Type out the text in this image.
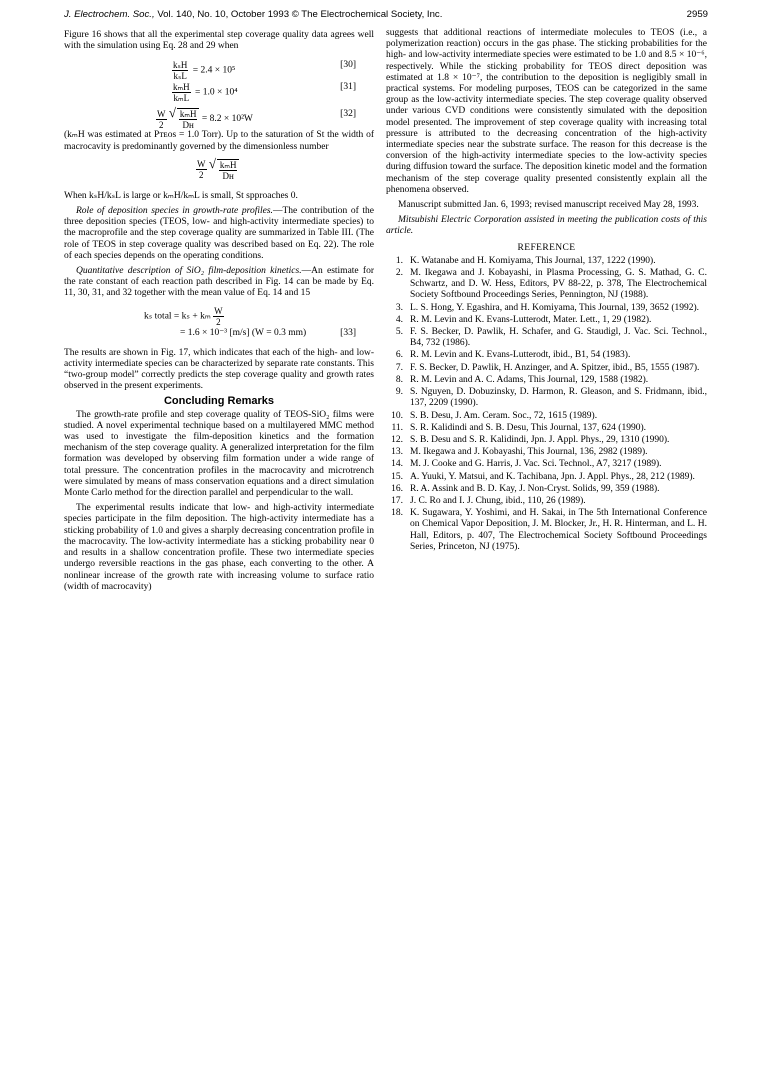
J. Electrochem. Soc., Vol. 140, No. 10, October 1993 © The Electrochemical Society, Inc.	2959

Figure 16 shows that all the experimental step coverage quality data agrees well with the simulation using Eq. 28 and 29 when

$\frac{\text{kₛH}}{\text{kₛL}} = 2.4 \times 10^5$
[30]
$\frac{\text{kₘH}}{\text{kₘL}} = 1.0 \times 10^4$
[31]
$\frac{W}{2}$
√ $\frac{\text{kₘH}}{\text{Dʜ}} = 8.2 \times 10^2W$
[32]

(kₘH was estimated at Pᴛᴇᴏs = 1.0 Torr). Up to the saturation of St the width of macrocavity is predominantly governed by the dimensionless number

$\frac{W}{2}$
√ $\frac{\text{kₘH}}{\text{Dʜ}}$

When kₛH/kₛL is large or kₘH/kₘL is small, St spproaches 0.

Role of deposition species in growth-rate profiles.—The contribution of the three deposition species (TEOS, low- and high-activity intermediate species) to the macroprofile and the step coverage quality are summarized in Table III. (The role of TEOS in step coverage quality was described based on Eq. 22). The role of each species depends on the operating conditions.

Quantitative description of SiO₂ film-deposition kinetics.—An estimate for the rate constant of each reaction path described in Fig. 14 can be made by Eq. 11, 30, 31, and 32 together with the mean value of Eq. 14 and 15

kₛ total = kₛ + kₘ $\frac{W}{2}$
= 1.6 × 10⁻³ [m/s] (W = 0.3 mm)	[33]

The results are shown in Fig. 17, which indicates that each of the high- and low-activity intermediate species can be characterized by separate rate constants. This “two-group model” correctly predicts the step coverage quality and growth rates observed in the present experiments.

Concluding Remarks

The growth-rate profile and step coverage quality of TEOS-SiO₂ films were studied. A novel experimental technique based on a multilayered MMC method was used to investigate the film-deposition kinetics and the formation mechanism of the step coverage quality. A generalized interpretation for the film formation was developed by observing film formation under a wide range of total pressure. The concentration profiles in the macrocavity and microtrench were simulated by means of mass conservation equations and a direct simulation Monte Carlo method for the direction parallel and perpendicular to the wall.

The experimental results indicate that low- and high-activity intermediate species participate in the film deposition. The high-activity intermediate has a sticking probability of 1.0 and gives a sharply decreasing concentration profile in the macrocavity. The low-activity intermediate has a sticking probability near 0 and results in a shallow concentration profile. These two intermediate species undergo reversible reactions in the gas phase, each converting to the other. A nonlinear increase of the growth rate with increasing volume to surface ratio (width of macrocavity)

suggests that additional reactions of intermediate molecules to TEOS (i.e., a polymerization reaction) occurs in the gas phase. The sticking probabilities for the high- and low-activity intermediate species were estimated to be 1.0 and 8.5 × 10⁻⁶, respectively. While the sticking probability for TEOS direct deposition was estimated at 1.8 × 10⁻⁷, the contribution to the deposition is negligibly small in practical systems. For modeling purposes, TEOS can be categorized in the same group as the low-activity intermediate species. The step coverage quality observed under various CVD conditions were consistently simulated with the deposition model presented. The improvement of step coverage quality with increasing total pressure is attributed to the decreasing concentration of the high-activity intermediate species near the substrate surface. The reason for this decrease is the conversion of the high-activity intermediate species to the low-activity species during diffusion toward the surface. The deposition kinetic model and the formation mechanism of the step coverage quality presented consistently explain all the phenomena observed.

Manuscript submitted Jan. 6, 1993; revised manuscript received May 28, 1993.

Mitsubishi Electric Corporation assisted in meeting the publication costs of this article.

REFERENCE
1. K. Watanabe and H. Komiyama, This Journal, 137, 1222 (1990).
2. M. Ikegawa and J. Kobayashi, in Plasma Processing, G. S. Mathad, G. C. Schwartz, and D. W. Hess, Editors, PV 88-22, p. 378, The Electrochemical Society Softbound Proceedings Series, Pennington, NJ (1988).
3. L. S. Hong, Y. Egashira, and H. Komiyama, This Journal, 139, 3652 (1992).
4. R. M. Levin and K. Evans-Lutterodt, Mater. Lett., 1, 29 (1982).
5. F. S. Becker, D. Pawlik, H. Schafer, and G. Staudigl, J. Vac. Sci. Technol., B4, 732 (1986).
6. R. M. Levin and K. Evans-Lutterodt, ibid., B1, 54 (1983).
7. F. S. Becker, D. Pawlik, H. Anzinger, and A. Spitzer, ibid., B5, 1555 (1987).
8. R. M. Levin and A. C. Adams, This Journal, 129, 1588 (1982).
9. S. Nguyen, D. Dobuzinsky, D. Harmon, R. Gleason, and S. Fridmann, ibid., 137, 2209 (1990).
10. S. B. Desu, J. Am. Ceram. Soc., 72, 1615 (1989).
11. S. R. Kalidindi and S. B. Desu, This Journal, 137, 624 (1990).
12. S. B. Desu and S. R. Kalidindi, Jpn. J. Appl. Phys., 29, 1310 (1990).
13. M. Ikegawa and J. Kobayashi, This Journal, 136, 2982 (1989).
14. M. J. Cooke and G. Harris, J. Vac. Sci. Technol., A7, 3217 (1989).
15. A. Yuuki, Y. Matsui, and K. Tachibana, Jpn. J. Appl. Phys., 28, 212 (1989).
16. R. A. Assink and B. D. Kay, J. Non-Cryst. Solids, 99, 359 (1988).
17. J. C. Ro and I. J. Chung, ibid., 110, 26 (1989).
18. K. Sugawara, Y. Yoshimi, and H. Sakai, in The 5th International Conference on Chemical Vapor Deposition, J. M. Blocker, Jr., H. R. Hinterman, and L. H. Hall, Editors, p. 407, The Electrochemical Society Softbound Proceedings Series, Princeton, NJ (1975).
